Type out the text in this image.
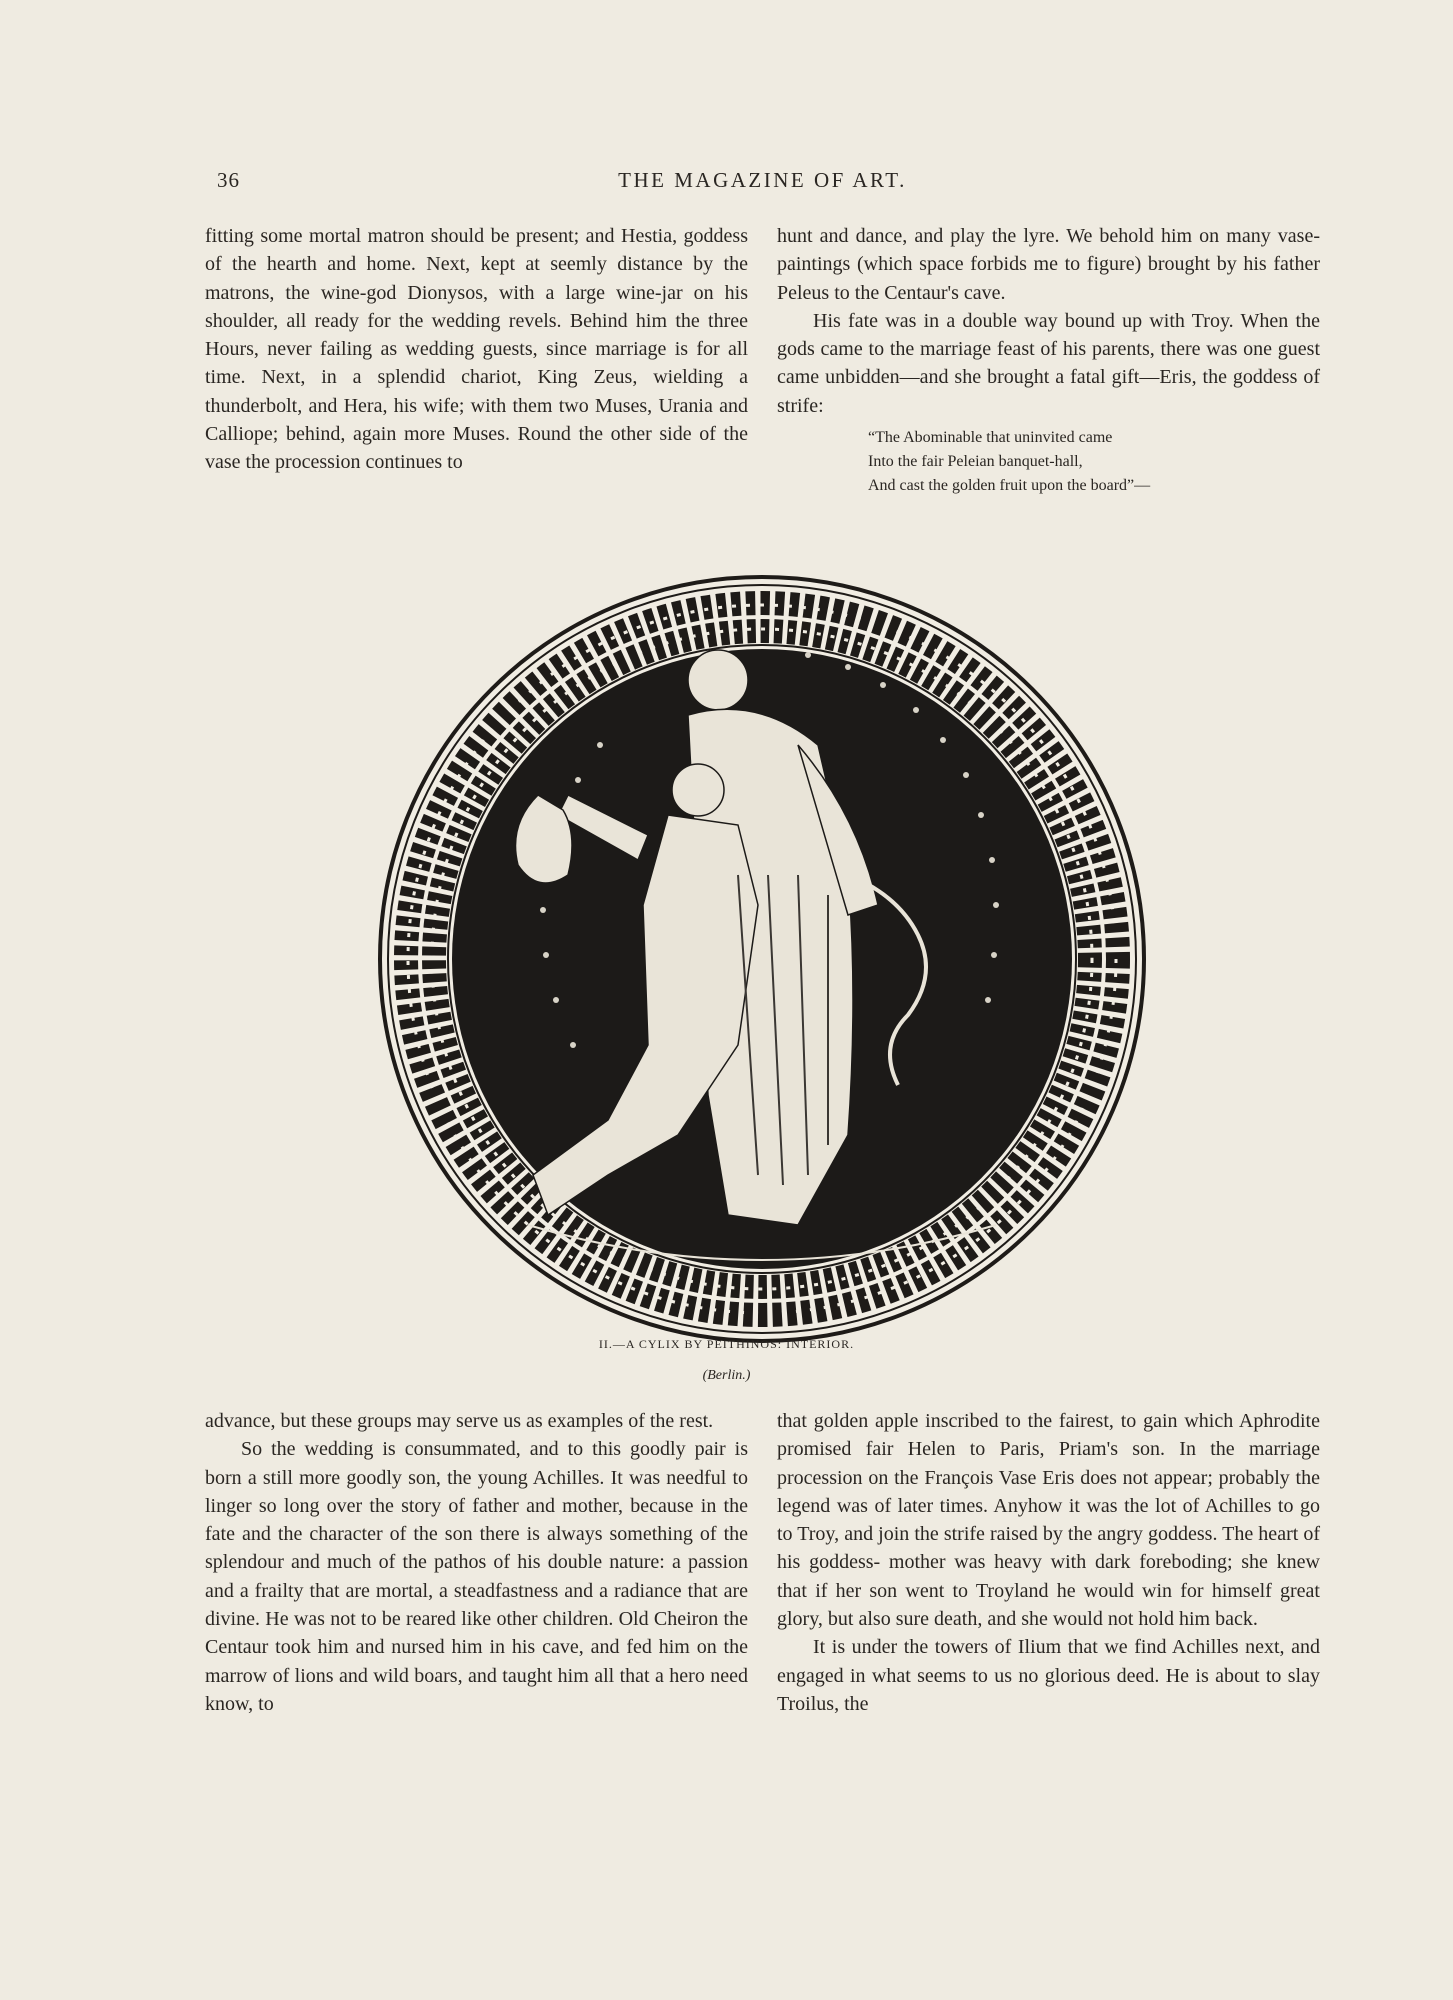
36	THE MAGAZINE OF ART.

fitting some mortal matron should be present; and Hestia, goddess of the hearth and home. Next, kept at seemly distance by the matrons, the wine-god Dionysos, with a large wine-jar on his shoulder, all ready for the wedding revels. Behind him the three Hours, never failing as wedding guests, since marriage is for all time. Next, in a splendid chariot, King Zeus, wielding a thunderbolt, and Hera, his wife; with them two Muses, Urania and Calliope; behind, again more Muses. Round the other side of the vase the procession continues to

hunt and dance, and play the lyre. We behold him on many vase-paintings (which space forbids me to figure) brought by his father Peleus to the Centaur's cave.

His fate was in a double way bound up with Troy. When the gods came to the marriage feast of his parents, there was one guest came unbidden—and she brought a fatal gift—Eris, the goddess of strife:

“The Abominable that uninvited came
Into the fair Peleian banquet-hall,
And cast the golden fruit upon the board”—
II.—A CYLIX BY PEITHINOS: INTERIOR.
(Berlin.)

advance, but these groups may serve us as examples of the rest.

So the wedding is consummated, and to this goodly pair is born a still more goodly son, the young Achilles. It was needful to linger so long over the story of father and mother, because in the fate and the character of the son there is always something of the splendour and much of the pathos of his double nature: a passion and a frailty that are mortal, a steadfastness and a radiance that are divine. He was not to be reared like other children. Old Cheiron the Centaur took him and nursed him in his cave, and fed him on the marrow of lions and wild boars, and taught him all that a hero need know, to

that golden apple inscribed to the fairest, to gain which Aphrodite promised fair Helen to Paris, Priam's son. In the marriage procession on the François Vase Eris does not appear; probably the legend was of later times. Anyhow it was the lot of Achilles to go to Troy, and join the strife raised by the angry goddess. The heart of his goddess- mother was heavy with dark foreboding; she knew that if her son went to Troyland he would win for himself great glory, but also sure death, and she would not hold him back.

It is under the towers of Ilium that we find Achilles next, and engaged in what seems to us no glorious deed. He is about to slay Troilus, the
